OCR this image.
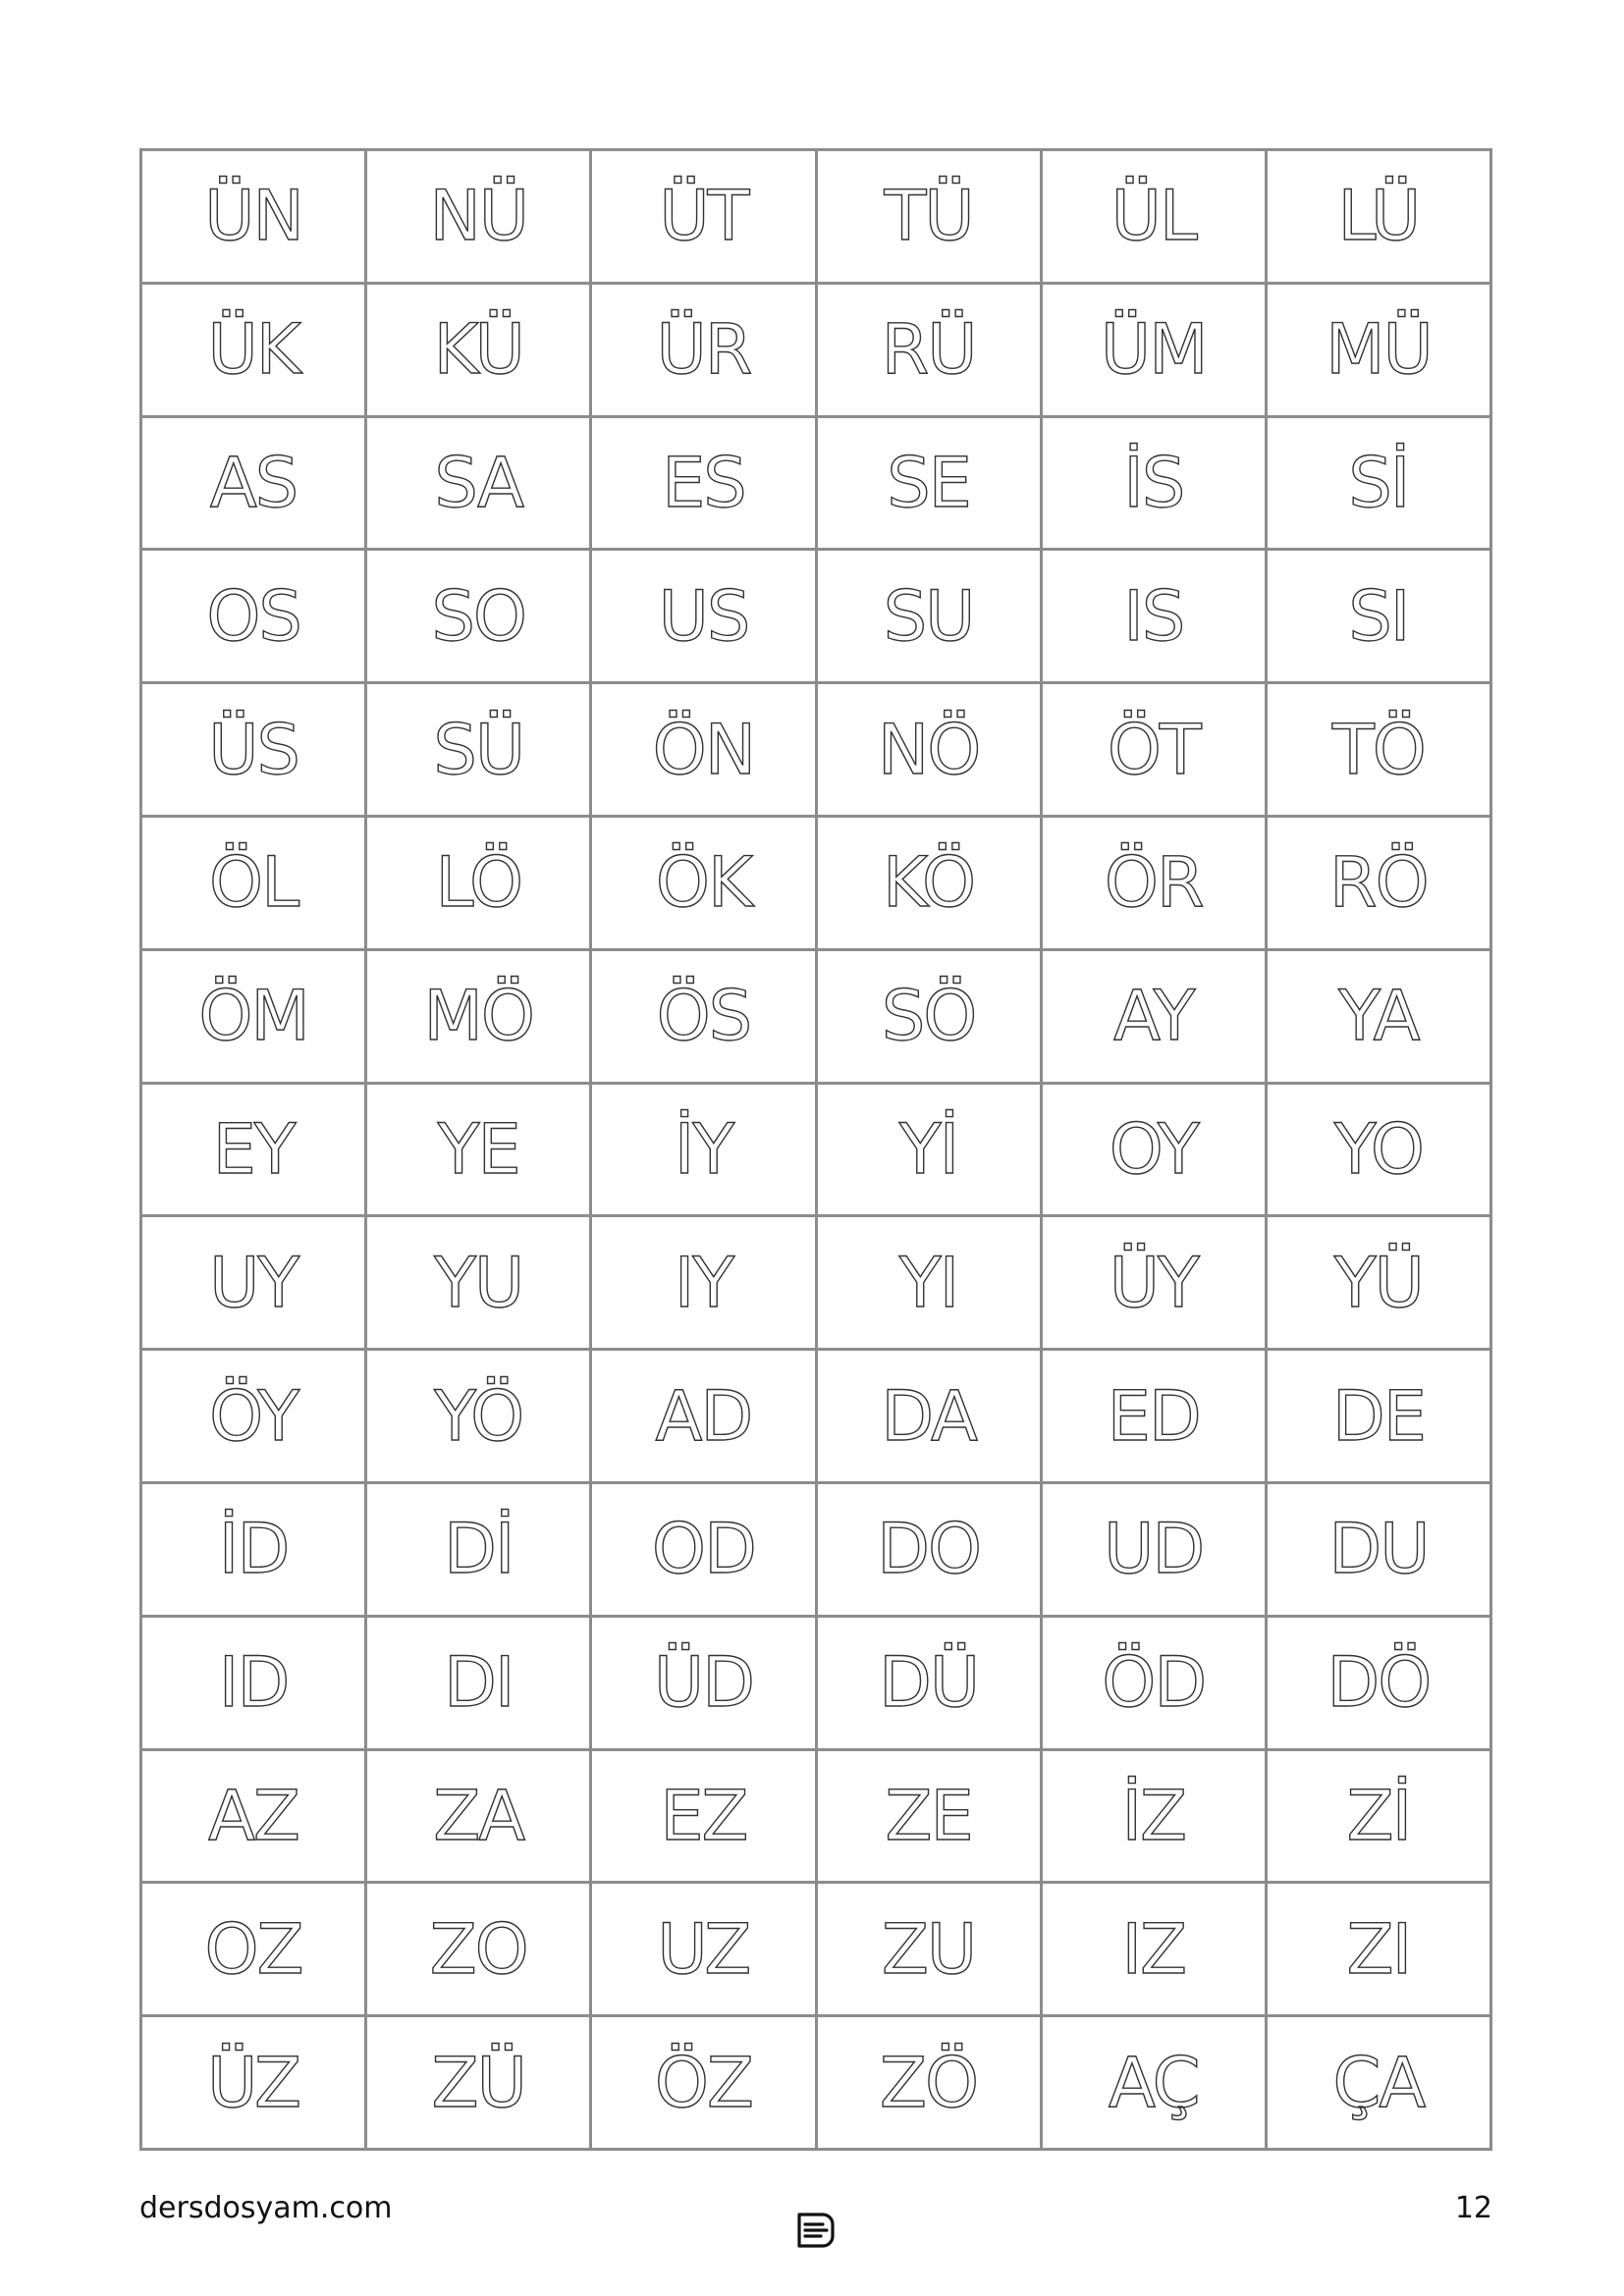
ÜN NÜ ÜT TÜ ÜL LÜ
ÜK KÜ ÜR RÜ ÜM MÜ
AS SA ES SE İS Sİ
OS SO US SU IS SI
ÜS SÜ ÖN NÖ ÖT TÖ
ÖL LÖ ÖK KÖ ÖR RÖ
ÖM MÖ ÖS SÖ AY YA
EY YE İY Yİ OY YO
UY YU IY YI ÜY YÜ
ÖY YÖ AD DA ED DE
İD Dİ OD DO UD DU
ID DI ÜD DÜ ÖD DÖ
AZ ZA EZ ZE İZ Zİ
OZ ZO UZ ZU IZ ZI
ÜZ ZÜ ÖZ ZÖ AÇ ÇA
dersdosyam.com	12
